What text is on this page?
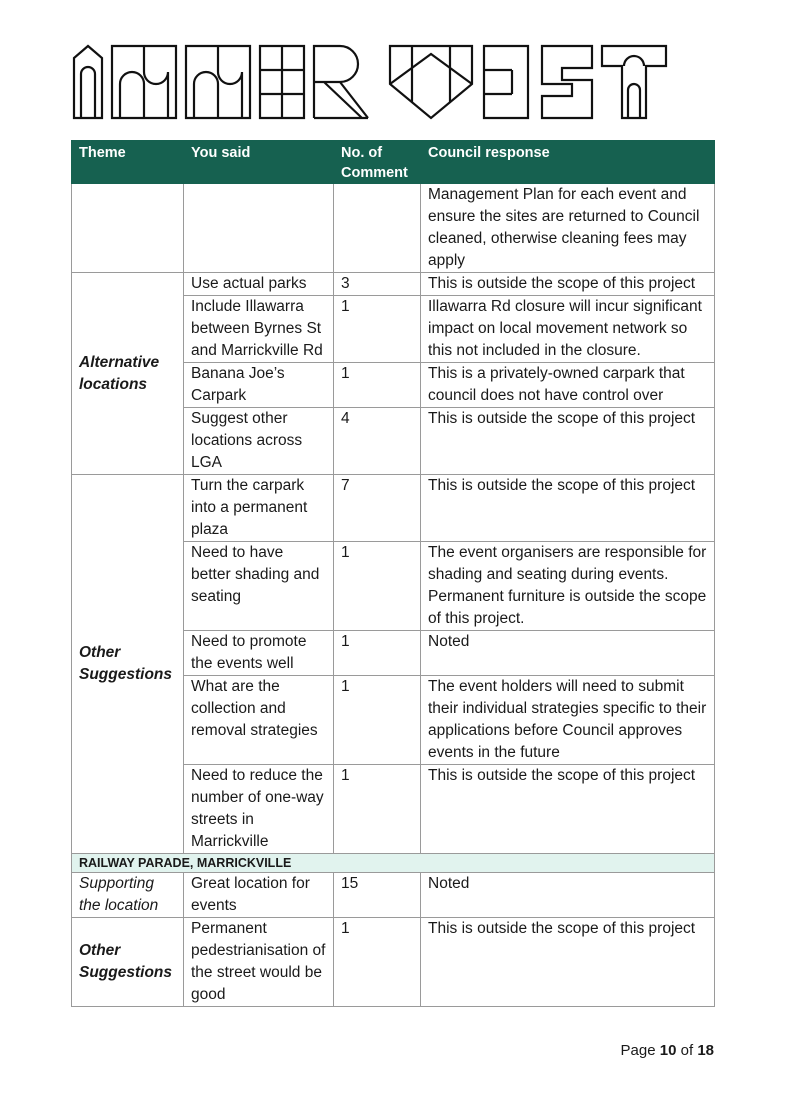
Theme	You said	No. of Comment	Council response
			Management Plan for each event and ensure the sites are returned to Council cleaned, otherwise cleaning fees may apply
Alternative locations	Use actual parks	3	This is outside the scope of this project
	Include Illawarra between Byrnes St and Marrickville Rd	1	Illawarra Rd closure will incur significant impact on local movement network so this not included in the closure.
	Banana Joe’s Carpark	1	This is a privately-owned carpark that council does not have control over
	Suggest other locations across LGA	4	This is outside the scope of this project
Other Suggestions	Turn the carpark into a permanent plaza	7	This is outside the scope of this project
	Need to have better shading and seating	1	The event organisers are responsible for shading and seating during events. Permanent furniture is outside the scope of this project.
	Need to promote the events well	1	Noted
	What are the collection and removal strategies	1	The event holders will need to submit their individual strategies specific to their applications before Council approves events in the future
	Need to reduce the number of one-way streets in Marrickville	1	This is outside the scope of this project
RAILWAY PARADE, MARRICKVILLE			
Supporting the location	Great location for events	15	Noted
Other Suggestions	Permanent pedestrianisation of the street would be good	1	This is outside the scope of this project
Page 10 of 18
